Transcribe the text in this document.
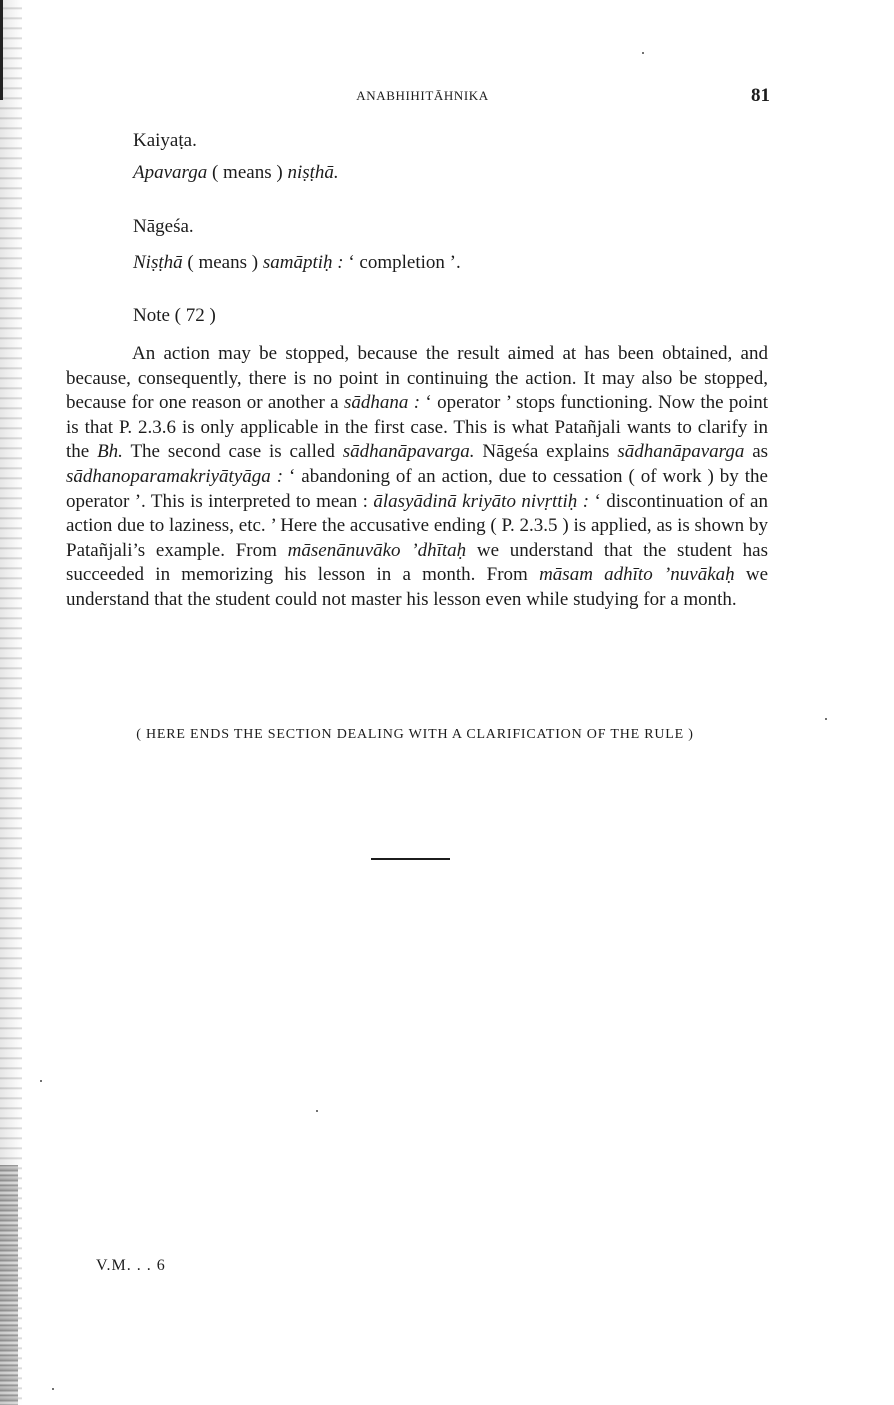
ANABHIHITĀHNIKA	81
Kaiyaṭa.
Apavarga ( means ) niṣṭhā.
Nāgeśa.
Niṣṭhā ( means ) samāptiḥ : ‘ completion ’.
Note ( 72 )

An action may be stopped, because the result aimed at has been obtained, and because, consequently, there is no point in continuing the action. It may also be stopped, because for one reason or another a sādhana : ‘ operator ’ stops functioning. Now the point is that P. 2.3.6 is only applicable in the first case. This is what Patañjali wants to clarify in the Bh. The second case is called sādhanāpavarga. Nāgeśa explains sādhanāpavarga as sādhanoparamakriyātyāga : ‘ abandoning of an action, due to cessation ( of work ) by the operator ’. This is interpreted to mean : ālasyādinā kriyāto nivṛttiḥ : ‘ discontinuation of an action due to laziness, etc. ’ Here the accusative ending ( P. 2.3.5 ) is applied, as is shown by Patañjali’s example. From māsenānuvāko ’dhītaḥ we understand that the student has succeeded in memorizing his lesson in a month. From māsam adhīto ’nuvākaḥ we understand that the student could not master his lesson even while studying for a month.

( HERE ENDS THE SECTION DEALING WITH A CLARIFICATION OF THE RULE )
V.M. . . 6
